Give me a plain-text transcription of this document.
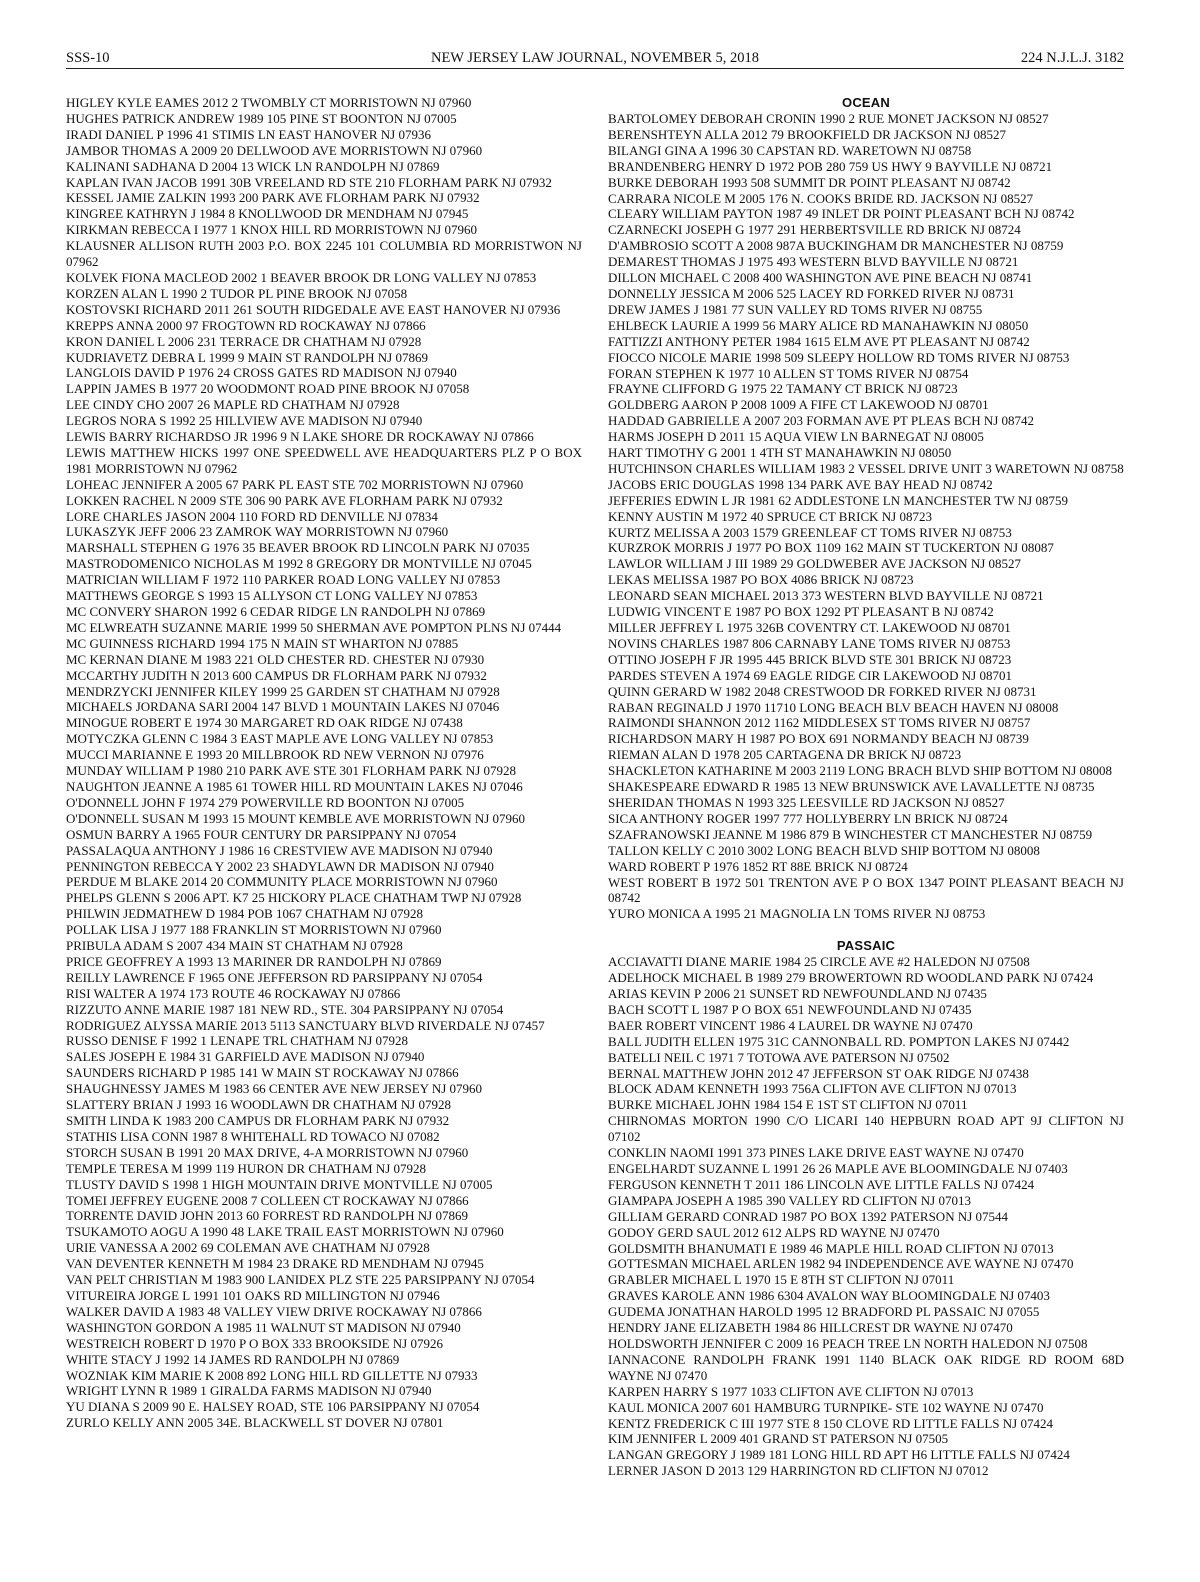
SSS-10	NEW JERSEY LAW JOURNAL, NOVEMBER 5, 2018	224 N.J.L.J. 3182

HIGLEY KYLE EAMES 2012 2 TWOMBLY CT MORRISTOWN NJ 07960

HUGHES PATRICK ANDREW 1989 105 PINE ST BOONTON NJ 07005

IRADI DANIEL P 1996 41 STIMIS LN EAST HANOVER NJ 07936

JAMBOR THOMAS A 2009 20 DELLWOOD AVE MORRISTOWN NJ 07960

KALINANI SADHANA D 2004 13 WICK LN RANDOLPH NJ 07869

KAPLAN IVAN JACOB 1991 30B VREELAND RD STE 210 FLORHAM PARK NJ 07932

KESSEL JAMIE ZALKIN 1993 200 PARK AVE FLORHAM PARK NJ 07932

KINGREE KATHRYN J 1984 8 KNOLLWOOD DR MENDHAM NJ 07945

KIRKMAN REBECCA I 1977 1 KNOX HILL RD MORRISTOWN NJ 07960

KLAUSNER ALLISON RUTH 2003 P.O. BOX 2245 101 COLUMBIA RD MORRISTWON NJ 07962

KOLVEK FIONA MACLEOD 2002 1 BEAVER BROOK DR LONG VALLEY NJ 07853

KORZEN ALAN L 1990 2 TUDOR PL PINE BROOK NJ 07058

KOSTOVSKI RICHARD 2011 261 SOUTH RIDGEDALE AVE EAST HANOVER NJ 07936

KREPPS ANNA 2000 97 FROGTOWN RD ROCKAWAY NJ 07866

KRON DANIEL L 2006 231 TERRACE DR CHATHAM NJ 07928

KUDRIAVETZ DEBRA L 1999 9 MAIN ST RANDOLPH NJ 07869

LANGLOIS DAVID P 1976 24 CROSS GATES RD MADISON NJ 07940

LAPPIN JAMES B 1977 20 WOODMONT ROAD PINE BROOK NJ 07058

LEE CINDY CHO 2007 26 MAPLE RD CHATHAM NJ 07928

LEGROS NORA S 1992 25 HILLVIEW AVE MADISON NJ 07940

LEWIS BARRY RICHARDSO JR 1996 9 N LAKE SHORE DR ROCKAWAY NJ 07866

LEWIS MATTHEW HICKS 1997 ONE SPEEDWELL AVE HEADQUARTERS PLZ P O BOX 1981 MORRISTOWN NJ 07962

LOHEAC JENNIFER A 2005 67 PARK PL EAST STE 702 MORRISTOWN NJ 07960

LOKKEN RACHEL N 2009 STE 306 90 PARK AVE FLORHAM PARK NJ 07932

LORE CHARLES JASON 2004 110 FORD RD DENVILLE NJ 07834

LUKASZYK JEFF 2006 23 ZAMROK WAY MORRISTOWN NJ 07960

MARSHALL STEPHEN G 1976 35 BEAVER BROOK RD LINCOLN PARK NJ 07035

MASTRODOMENICO NICHOLAS M 1992 8 GREGORY DR MONTVILLE NJ 07045

MATRICIAN WILLIAM F 1972 110 PARKER ROAD LONG VALLEY NJ 07853

MATTHEWS GEORGE S 1993 15 ALLYSON CT LONG VALLEY NJ 07853

MC CONVERY SHARON 1992 6 CEDAR RIDGE LN RANDOLPH NJ 07869

MC ELWREATH SUZANNE MARIE 1999 50 SHERMAN AVE POMPTON PLNS NJ 07444

MC GUINNESS RICHARD 1994 175 N MAIN ST WHARTON NJ 07885

MC KERNAN DIANE M 1983 221 OLD CHESTER RD. CHESTER NJ 07930

MCCARTHY JUDITH N 2013 600 CAMPUS DR FLORHAM PARK NJ 07932

MENDRZYCKI JENNIFER KILEY 1999 25 GARDEN ST CHATHAM NJ 07928

MICHAELS JORDANA SARI 2004 147 BLVD 1 MOUNTAIN LAKES NJ 07046

MINOGUE ROBERT E 1974 30 MARGARET RD OAK RIDGE NJ 07438

MOTYCZKA GLENN C 1984 3 EAST MAPLE AVE LONG VALLEY NJ 07853

MUCCI MARIANNE E 1993 20 MILLBROOK RD NEW VERNON NJ 07976

MUNDAY WILLIAM P 1980 210 PARK AVE STE 301 FLORHAM PARK NJ 07928

NAUGHTON JEANNE A 1985 61 TOWER HILL RD MOUNTAIN LAKES NJ 07046

O'DONNELL JOHN F 1974 279 POWERVILLE RD BOONTON NJ 07005

O'DONNELL SUSAN M 1993 15 MOUNT KEMBLE AVE MORRISTOWN NJ 07960

OSMUN BARRY A 1965 FOUR CENTURY DR PARSIPPANY NJ 07054

PASSALAQUA ANTHONY J 1986 16 CRESTVIEW AVE MADISON NJ 07940

PENNINGTON REBECCA Y 2002 23 SHADYLAWN DR MADISON NJ 07940

PERDUE M BLAKE 2014 20 COMMUNITY PLACE MORRISTOWN NJ 07960

PHELPS GLENN S 2006 APT. K7 25 HICKORY PLACE CHATHAM TWP NJ 07928

PHILWIN JEDMATHEW D 1984 POB 1067 CHATHAM NJ 07928

POLLAK LISA J 1977 188 FRANKLIN ST MORRISTOWN NJ 07960

PRIBULA ADAM S 2007 434 MAIN ST CHATHAM NJ 07928

PRICE GEOFFREY A 1993 13 MARINER DR RANDOLPH NJ 07869

REILLY LAWRENCE F 1965 ONE JEFFERSON RD PARSIPPANY NJ 07054

RISI WALTER A 1974 173 ROUTE 46 ROCKAWAY NJ 07866

RIZZUTO ANNE MARIE 1987 181 NEW RD., STE. 304 PARSIPPANY NJ 07054

RODRIGUEZ ALYSSA MARIE 2013 5113 SANCTUARY BLVD RIVERDALE NJ 07457

RUSSO DENISE F 1992 1 LENAPE TRL CHATHAM NJ 07928

SALES JOSEPH E 1984 31 GARFIELD AVE MADISON NJ 07940

SAUNDERS RICHARD P 1985 141 W MAIN ST ROCKAWAY NJ 07866

SHAUGHNESSY JAMES M 1983 66 CENTER AVE NEW JERSEY NJ 07960

SLATTERY BRIAN J 1993 16 WOODLAWN DR CHATHAM NJ 07928

SMITH LINDA K 1983 200 CAMPUS DR FLORHAM PARK NJ 07932

STATHIS LISA CONN 1987 8 WHITEHALL RD TOWACO NJ 07082

STORCH SUSAN B 1991 20 MAX DRIVE, 4-A MORRISTOWN NJ 07960

TEMPLE TERESA M 1999 119 HURON DR CHATHAM NJ 07928

TLUSTY DAVID S 1998 1 HIGH MOUNTAIN DRIVE MONTVILLE NJ 07005

TOMEI JEFFREY EUGENE 2008 7 COLLEEN CT ROCKAWAY NJ 07866

TORRENTE DAVID JOHN 2013 60 FORREST RD RANDOLPH NJ 07869

TSUKAMOTO AOGU A 1990 48 LAKE TRAIL EAST MORRISTOWN NJ 07960

URIE VANESSA A 2002 69 COLEMAN AVE CHATHAM NJ 07928

VAN DEVENTER KENNETH M 1984 23 DRAKE RD MENDHAM NJ 07945

VAN PELT CHRISTIAN M 1983 900 LANIDEX PLZ STE 225 PARSIPPANY NJ 07054

VITUREIRA JORGE L 1991 101 OAKS RD MILLINGTON NJ 07946

WALKER DAVID A 1983 48 VALLEY VIEW DRIVE ROCKAWAY NJ 07866

WASHINGTON GORDON A 1985 11 WALNUT ST MADISON NJ 07940

WESTREICH ROBERT D 1970 P O BOX 333 BROOKSIDE NJ 07926

WHITE STACY J 1992 14 JAMES RD RANDOLPH NJ 07869

WOZNIAK KIM MARIE K 2008 892 LONG HILL RD GILLETTE NJ 07933

WRIGHT LYNN R 1989 1 GIRALDA FARMS MADISON NJ 07940

YU DIANA S 2009 90 E. HALSEY ROAD, STE 106 PARSIPPANY NJ 07054

ZURLO KELLY ANN 2005 34E. BLACKWELL ST DOVER NJ 07801

OCEAN

BARTOLOMEY DEBORAH CRONIN 1990 2 RUE MONET JACKSON NJ 08527

BERENSHTEYN ALLA 2012 79 BROOKFIELD DR JACKSON NJ 08527

BILANGI GINA A 1996 30 CAPSTAN RD. WARETOWN NJ 08758

BRANDENBERG HENRY D 1972 POB 280 759 US HWY 9 BAYVILLE NJ 08721

BURKE DEBORAH 1993 508 SUMMIT DR POINT PLEASANT NJ 08742

CARRARA NICOLE M 2005 176 N. COOKS BRIDE RD. JACKSON NJ 08527

CLEARY WILLIAM PAYTON 1987 49 INLET DR POINT PLEASANT BCH NJ 08742

CZARNECKI JOSEPH G 1977 291 HERBERTSVILLE RD BRICK NJ 08724

D'AMBROSIO SCOTT A 2008 987A BUCKINGHAM DR MANCHESTER NJ 08759

DEMAREST THOMAS J 1975 493 WESTERN BLVD BAYVILLE NJ 08721

DILLON MICHAEL C 2008 400 WASHINGTON AVE PINE BEACH NJ 08741

DONNELLY JESSICA M 2006 525 LACEY RD FORKED RIVER NJ 08731

DREW JAMES J 1981 77 SUN VALLEY RD TOMS RIVER NJ 08755

EHLBECK LAURIE A 1999 56 MARY ALICE RD MANAHAWKIN NJ 08050

FATTIZZI ANTHONY PETER 1984 1615 ELM AVE PT PLEASANT NJ 08742

FIOCCO NICOLE MARIE 1998 509 SLEEPY HOLLOW RD TOMS RIVER NJ 08753

FORAN STEPHEN K 1977 10 ALLEN ST TOMS RIVER NJ 08754

FRAYNE CLIFFORD G 1975 22 TAMANY CT BRICK NJ 08723

GOLDBERG AARON P 2008 1009 A FIFE CT LAKEWOOD NJ 08701

HADDAD GABRIELLE A 2007 203 FORMAN AVE PT PLEAS BCH NJ 08742

HARMS JOSEPH D 2011 15 AQUA VIEW LN BARNEGAT NJ 08005

HART TIMOTHY G 2001 1 4TH ST MANAHAWKIN NJ 08050

HUTCHINSON CHARLES WILLIAM 1983 2 VESSEL DRIVE UNIT 3 WARETOWN NJ 08758

JACOBS ERIC DOUGLAS 1998 134 PARK AVE BAY HEAD NJ 08742

JEFFERIES EDWIN L JR 1981 62 ADDLESTONE LN MANCHESTER TW NJ 08759

KENNY AUSTIN M 1972 40 SPRUCE CT BRICK NJ 08723

KURTZ MELISSA A 2003 1579 GREENLEAF CT TOMS RIVER NJ 08753

KURZROK MORRIS J 1977 PO BOX 1109 162 MAIN ST TUCKERTON NJ 08087

LAWLOR WILLIAM J III 1989 29 GOLDWEBER AVE JACKSON NJ 08527

LEKAS MELISSA 1987 PO BOX 4086 BRICK NJ 08723

LEONARD SEAN MICHAEL 2013 373 WESTERN BLVD BAYVILLE NJ 08721

LUDWIG VINCENT E 1987 PO BOX 1292 PT PLEASANT B NJ 08742

MILLER JEFFREY L 1975 326B COVENTRY CT. LAKEWOOD NJ 08701

NOVINS CHARLES 1987 806 CARNABY LANE TOMS RIVER NJ 08753

OTTINO JOSEPH F JR 1995 445 BRICK BLVD STE 301 BRICK NJ 08723

PARDES STEVEN A 1974 69 EAGLE RIDGE CIR LAKEWOOD NJ 08701

QUINN GERARD W 1982 2048 CRESTWOOD DR FORKED RIVER NJ 08731

RABAN REGINALD J 1970 11710 LONG BEACH BLV BEACH HAVEN NJ 08008

RAIMONDI SHANNON 2012 1162 MIDDLESEX ST TOMS RIVER NJ 08757

RICHARDSON MARY H 1987 PO BOX 691 NORMANDY BEACH NJ 08739

RIEMAN ALAN D 1978 205 CARTAGENA DR BRICK NJ 08723

SHACKLETON KATHARINE M 2003 2119 LONG BRACH BLVD SHIP BOTTOM NJ 08008

SHAKESPEARE EDWARD R 1985 13 NEW BRUNSWICK AVE LAVALLETTE NJ 08735

SHERIDAN THOMAS N 1993 325 LEESVILLE RD JACKSON NJ 08527

SICA ANTHONY ROGER 1997 777 HOLLYBERRY LN BRICK NJ 08724

SZAFRANOWSKI JEANNE M 1986 879 B WINCHESTER CT MANCHESTER NJ 08759

TALLON KELLY C 2010 3002 LONG BEACH BLVD SHIP BOTTOM NJ 08008

WARD ROBERT P 1976 1852 RT 88E BRICK NJ 08724

WEST ROBERT B 1972 501 TRENTON AVE P O BOX 1347 POINT PLEASANT BEACH NJ 08742

YURO MONICA A 1995 21 MAGNOLIA LN TOMS RIVER NJ 08753

PASSAIC

ACCIAVATTI DIANE MARIE 1984 25 CIRCLE AVE #2 HALEDON NJ 07508

ADELHOCK MICHAEL B 1989 279 BROWERTOWN RD WOODLAND PARK NJ 07424

ARIAS KEVIN P 2006 21 SUNSET RD NEWFOUNDLAND NJ 07435

BACH SCOTT L 1987 P O BOX 651 NEWFOUNDLAND NJ 07435

BAER ROBERT VINCENT 1986 4 LAUREL DR WAYNE NJ 07470

BALL JUDITH ELLEN 1975 31C CANNONBALL RD. POMPTON LAKES NJ 07442

BATELLI NEIL C 1971 7 TOTOWA AVE PATERSON NJ 07502

BERNAL MATTHEW JOHN 2012 47 JEFFERSON ST OAK RIDGE NJ 07438

BLOCK ADAM KENNETH 1993 756A CLIFTON AVE CLIFTON NJ 07013

BURKE MICHAEL JOHN 1984 154 E 1ST ST CLIFTON NJ 07011

CHIRNOMAS MORTON 1990 C/O LICARI 140 HEPBURN ROAD APT 9J CLIFTON NJ 07102

CONKLIN NAOMI 1991 373 PINES LAKE DRIVE EAST WAYNE NJ 07470

ENGELHARDT SUZANNE L 1991 26 26 MAPLE AVE BLOOMINGDALE NJ 07403

FERGUSON KENNETH T 2011 186 LINCOLN AVE LITTLE FALLS NJ 07424

GIAMPAPA JOSEPH A 1985 390 VALLEY RD CLIFTON NJ 07013

GILLIAM GERARD CONRAD 1987 PO BOX 1392 PATERSON NJ 07544

GODOY GERD SAUL 2012 612 ALPS RD WAYNE NJ 07470

GOLDSMITH BHANUMATI E 1989 46 MAPLE HILL ROAD CLIFTON NJ 07013

GOTTESMAN MICHAEL ARLEN 1982 94 INDEPENDENCE AVE WAYNE NJ 07470

GRABLER MICHAEL L 1970 15 E 8TH ST CLIFTON NJ 07011

GRAVES KAROLE ANN 1986 6304 AVALON WAY BLOOMINGDALE NJ 07403

GUDEMA JONATHAN HAROLD 1995 12 BRADFORD PL PASSAIC NJ 07055

HENDRY JANE ELIZABETH 1984 86 HILLCREST DR WAYNE NJ 07470

HOLDSWORTH JENNIFER C 2009 16 PEACH TREE LN NORTH HALEDON NJ 07508

IANNACONE RANDOLPH FRANK 1991 1140 BLACK OAK RIDGE RD ROOM 68D WAYNE NJ 07470

KARPEN HARRY S 1977 1033 CLIFTON AVE CLIFTON NJ 07013

KAUL MONICA 2007 601 HAMBURG TURNPIKE- STE 102 WAYNE NJ 07470

KENTZ FREDERICK C III 1977 STE 8 150 CLOVE RD LITTLE FALLS NJ 07424

KIM JENNIFER L 2009 401 GRAND ST PATERSON NJ 07505

LANGAN GREGORY J 1989 181 LONG HILL RD APT H6 LITTLE FALLS NJ 07424

LERNER JASON D 2013 129 HARRINGTON RD CLIFTON NJ 07012
